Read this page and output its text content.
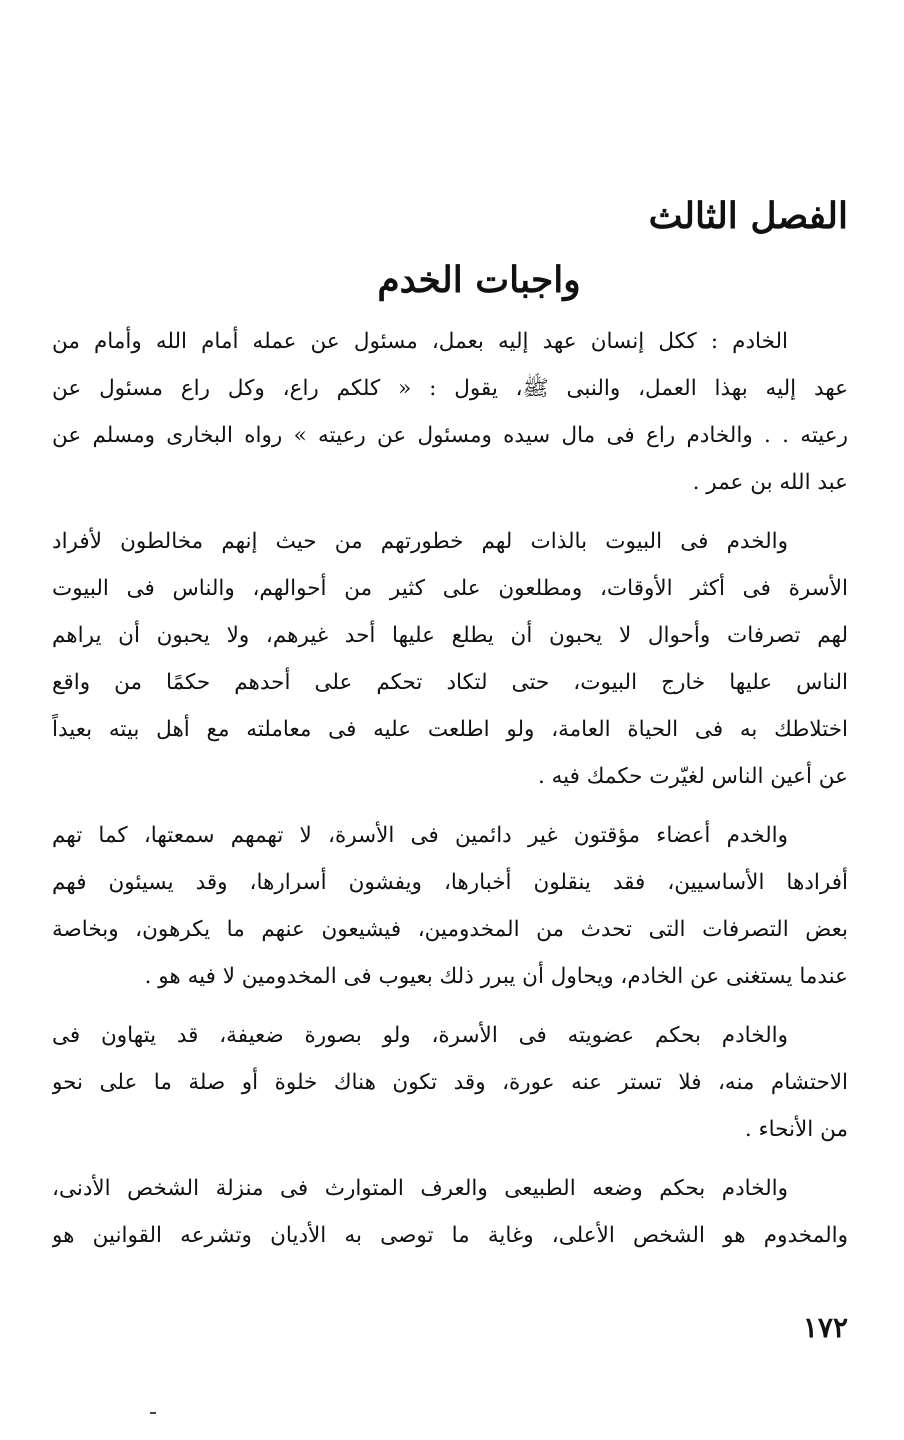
الفصل الثالث
واجبات الخدم

الخادم : ككل إنسان عهد إليه بعمل، مسئول عن عمله أمام الله وأمام من
عهد إليه بهذا العمل، والنبى ﷺ، يقول : « كلكم راع، وكل راع مسئول عن
رعيته . . والخادم راع فى مال سيده ومسئول عن رعيته » رواه البخارى ومسلم عن
عبد الله بن عمر .

والخدم فى البيوت بالذات لهم خطورتهم من حيث إنهم مخالطون لأفراد
الأسرة فى أكثر الأوقات، ومطلعون على كثير من أحوالهم، والناس فى البيوت
لهم تصرفات وأحوال لا يحبون أن يطلع عليها أحد غيرهم، ولا يحبون أن يراهم
الناس عليها خارج البيوت، حتى لتكاد تحكم على أحدهم حكمًا من واقع
اختلاطك به فى الحياة العامة، ولو اطلعت عليه فى معاملته مع أهل بيته بعيداً
عن أعين الناس لغيّرت حكمك فيه .

والخدم أعضاء مؤقتون غير دائمين فى الأسرة، لا تهمهم سمعتها، كما تهم
أفرادها الأساسيين، فقد ينقلون أخبارها، ويفشون أسرارها، وقد يسيئون فهم
بعض التصرفات التى تحدث من المخدومين، فيشيعون عنهم ما يكرهون، وبخاصة
عندما يستغنى عن الخادم، ويحاول أن يبرر ذلك بعيوب فى المخدومين لا فيه هو .

والخادم بحكم عضويته فى الأسرة، ولو بصورة ضعيفة، قد يتهاون فى
الاحتشام منه، فلا تستر عنه عورة، وقد تكون هناك خلوة أو صلة ما على نحو
من الأنحاء .

والخادم بحكم وضعه الطبيعى والعرف المتوارث فى منزلة الشخص الأدنى،
والمخدوم هو الشخص الأعلى، وغاية ما توصى به الأديان وتشرعه القوانين هو

١٧٢
